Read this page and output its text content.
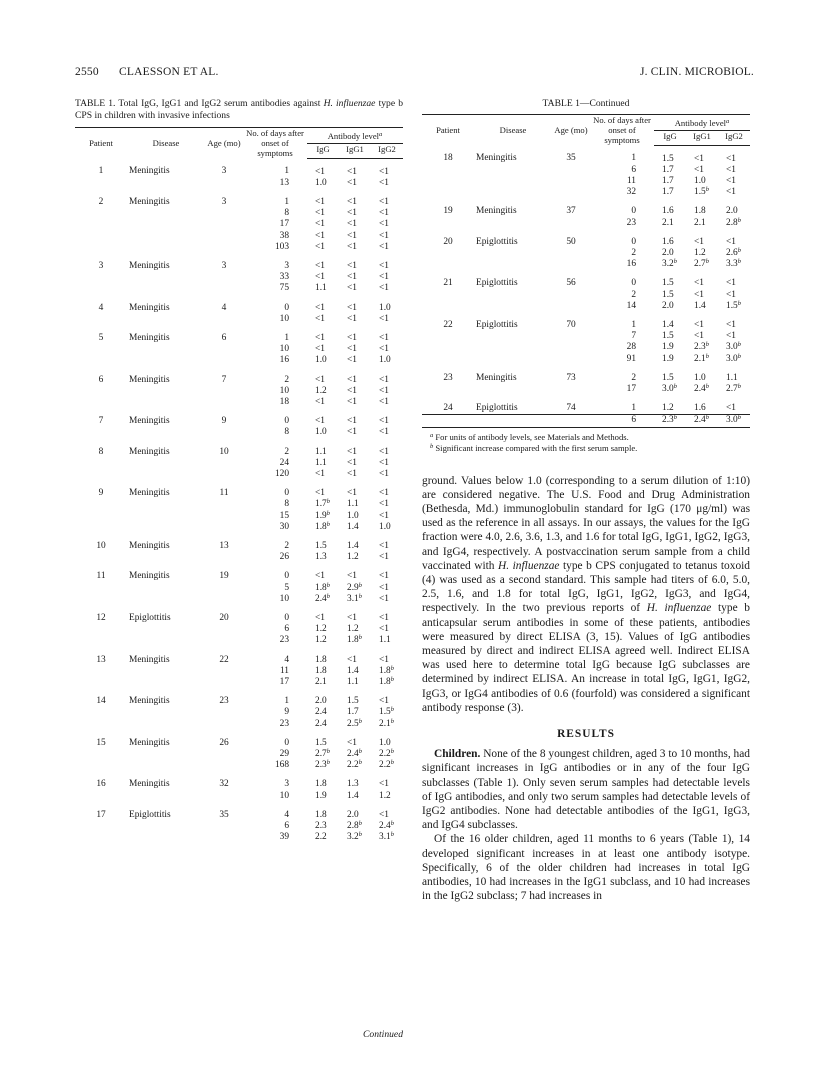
2550 CLAESSON ET AL.	J. CLIN. MICROBIOL.
TABLE 1. Total IgG, IgG1 and IgG2 serum antibodies against H. influenzae type b CPS in children with invasive infections
Patient	Disease	Age (mo)	No. of days after onset of symptoms	Antibody level$^a$
				IgG	IgG1	IgG2
1	Meningitis	3	1	<1	<1	<1
			13	1.0	<1	<1
2	Meningitis	3	1	<1	<1	<1
			8	<1	<1	<1
			17	<1	<1	<1
			38	<1	<1	<1
			103	<1	<1	<1
3	Meningitis	3	3	<1	<1	<1
			33	<1	<1	<1
			75	1.1	<1	<1
4	Meningitis	4	0	<1	<1	1.0
			10	<1	<1	<1
5	Meningitis	6	1	<1	<1	<1
			10	<1	<1	<1
			16	1.0	<1	1.0
6	Meningitis	7	2	<1	<1	<1
			10	1.2	<1	<1
			18	<1	<1	<1
7	Meningitis	9	0	<1	<1	<1
			8	1.0	<1	<1
8	Meningitis	10	2	1.1	<1	<1
			24	1.1	<1	<1
			120	<1	<1	<1
9	Meningitis	11	0	<1	<1	<1
			8	1.7$^b$	1.1	<1
			15	1.9$^b$	1.0	<1
			30	1.8$^b$	1.4	1.0
10	Meningitis	13	2	1.5	1.4	<1
			26	1.3	1.2	<1
11	Meningitis	19	0	<1	<1	<1
			5	1.8$^b$	2.9$^b$	<1
			10	2.4$^b$	3.1$^b$	<1
12	Epiglottitis	20	0	<1	<1	<1
			6	1.2	1.2	<1
			23	1.2	1.8$^b$	1.1
13	Meningitis	22	4	1.8	<1	<1
			11	1.8	1.4	1.8$^b$
			17	2.1	1.1	1.8$^b$
14	Meningitis	23	1	2.0	1.5	<1
			9	2.4	1.7	1.5$^b$
			23	2.4	2.5$^b$	2.1$^b$
15	Meningitis	26	0	1.5	<1	1.0
			29	2.7$^b$	2.4$^b$	2.2$^b$
			168	2.3$^b$	2.2$^b$	2.2$^b$
16	Meningitis	32	3	1.8	1.3	<1
			10	1.9	1.4	1.2
17	Epiglottitis	35	4	1.8	2.0	<1
			6	2.3	2.8$^b$	2.4$^b$
			39	2.2	3.2$^b$	3.1$^b$
Continued
TABLE 1—Continued
Patient	Disease	Age (mo)	No. of days after onset of symptoms	Antibody level$^a$
				IgG	IgG1	IgG2
18	Meningitis	35	1	1.5	<1	<1
			6	1.7	<1	<1
			11	1.7	1.0	<1
			32	1.7	1.5$^b$	<1
19	Meningitis	37	0	1.6	1.8	2.0
			23	2.1	2.1	2.8$^b$
20	Epiglottitis	50	0	1.6	<1	<1
			2	2.0	1.2	2.6$^b$
			16	3.2$^b$	2.7$^b$	3.3$^b$
21	Epiglottitis	56	0	1.5	<1	<1
			2	1.5	<1	<1
			14	2.0	1.4	1.5$^b$
22	Epiglottitis	70	1	1.4	<1	<1
			7	1.5	<1	<1
			28	1.9	2.3$^b$	3.0$^b$
			91	1.9	2.1$^b$	3.0$^b$
23	Meningitis	73	2	1.5	1.0	1.1
			17	3.0$^b$	2.4$^b$	2.7$^b$
24	Epiglottitis	74	1	1.2	1.6	<1
			6	2.3$^b$	2.4$^b$	3.0$^b$
$^a$ For units of antibody levels, see Materials and Methods.
$^b$ Significant increase compared with the first serum sample.

ground. Values below 1.0 (corresponding to a serum dilution of 1:10) are considered negative. The U.S. Food and Drug Administration (Bethesda, Md.) immunoglobulin standard for IgG (170 μg/ml) was used as the reference in all assays. In our assays, the values for the IgG fraction were 4.0, 2.6, 3.6, 1.3, and 1.6 for total IgG, IgG1, IgG2, IgG3, and IgG4, respectively. A postvaccination serum sample from a child vaccinated with H. influenzae type b CPS conjugated to tetanus toxoid (4) was used as a second standard. This sample had titers of 6.0, 5.0, 2.5, 1.6, and 1.8 for total IgG, IgG1, IgG2, IgG3, and IgG4, respectively. In the two previous reports of H. influenzae type b anticapsular serum antibodies in some of these patients, antibodies were measured by direct ELISA (3, 15). Values of IgG antibodies measured by direct and indirect ELISA agreed well. Indirect ELISA was used here to determine total IgG because IgG subclasses are determined by indirect ELISA. An increase in total IgG, IgG1, IgG2, IgG3, or IgG4 antibodies of 0.6 (fourfold) was considered a significant antibody response (3).

RESULTS

Children. None of the 8 youngest children, aged 3 to 10 months, had significant increases in IgG antibodies or in any of the four IgG subclasses (Table 1). Only seven serum samples had detectable levels of IgG antibodies, and only two serum samples had detectable levels of IgG2 antibodies. None had detectable antibodies of the IgG1, IgG3, and IgG4 subclasses.

Of the 16 older children, aged 11 months to 6 years (Table 1), 14 developed significant increases in at least one antibody isotype. Specifically, 6 of the older children had increases in total IgG antibodies, 10 had increases in the IgG1 subclass, and 10 had increases in the IgG2 subclass; 7 had increases in
